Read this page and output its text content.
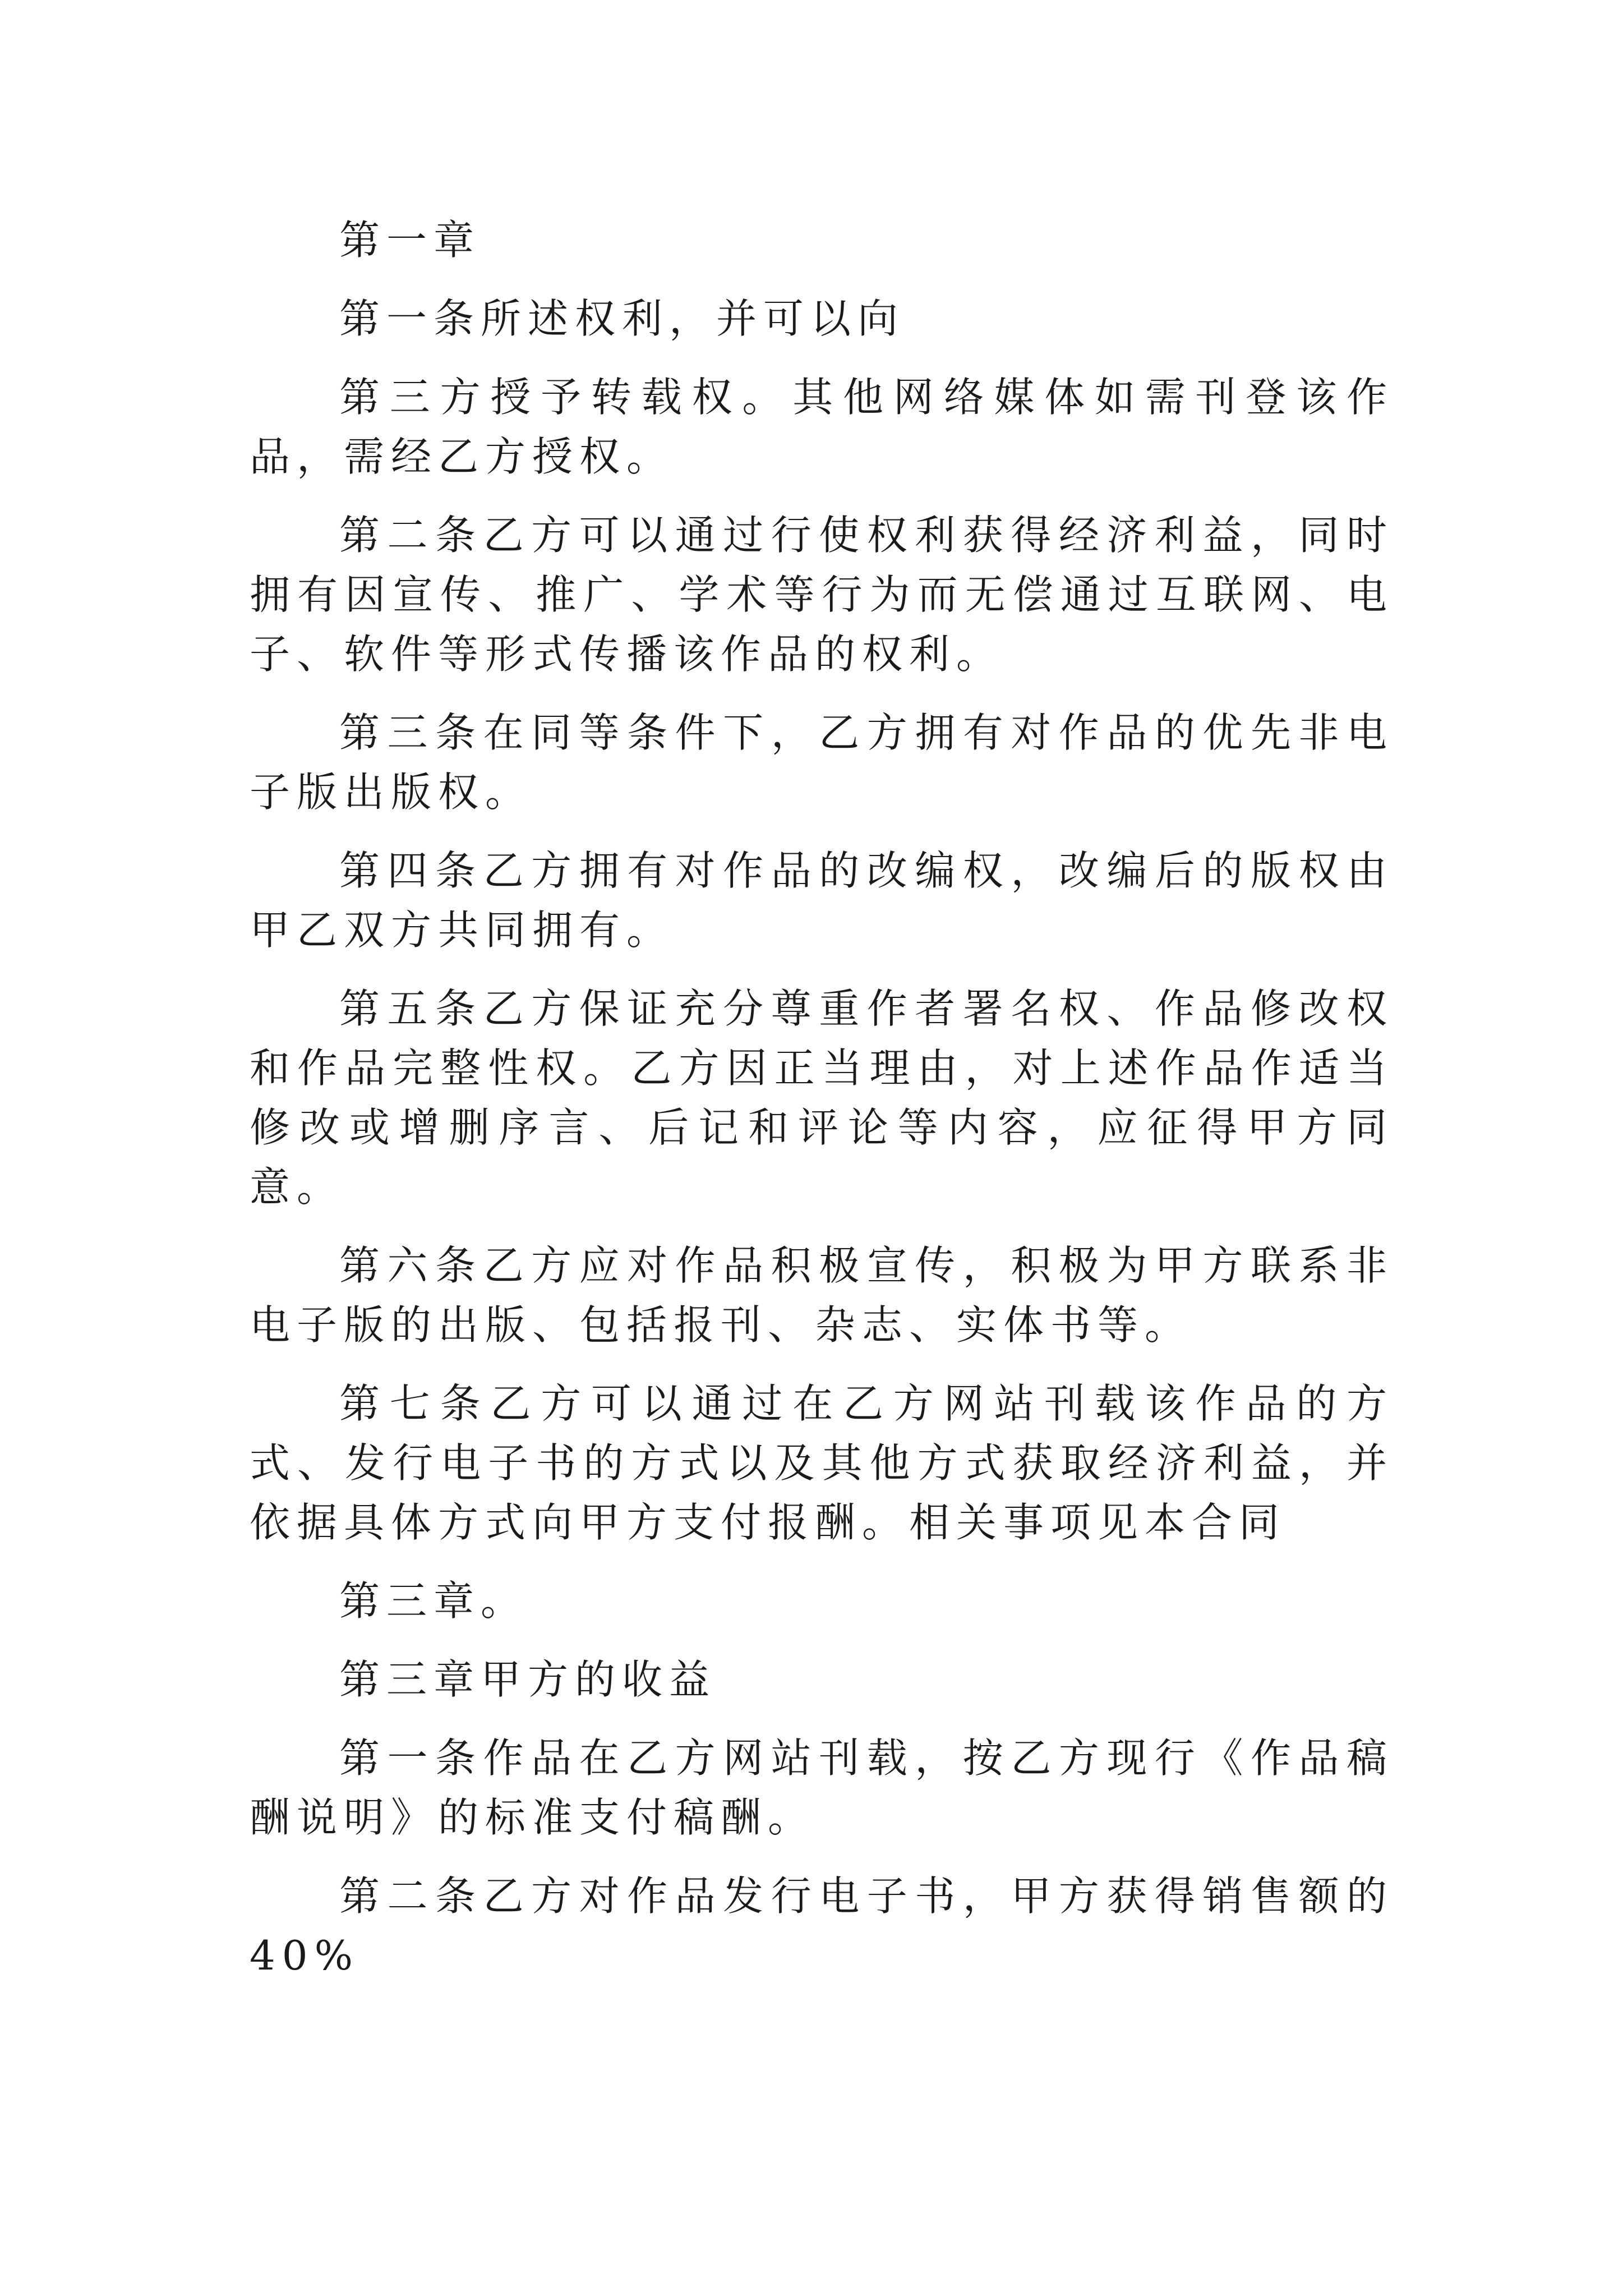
第一章

第一条所述权利，并可以向

第三方授予转载权。其他网络媒体如需刊登该作品，需经乙方授权。

第二条乙方可以通过行使权利获得经济利益，同时拥有因宣传、推广、学术等行为而无偿通过互联网、电子、软件等形式传播该作品的权利。

第三条在同等条件下，乙方拥有对作品的优先非电子版出版权。

第四条乙方拥有对作品的改编权，改编后的版权由甲乙双方共同拥有。

第五条乙方保证充分尊重作者署名权、作品修改权和作品完整性权。乙方因正当理由，对上述作品作适当修改或增删序言、后记和评论等内容，应征得甲方同意。

第六条乙方应对作品积极宣传，积极为甲方联系非电子版的出版、包括报刊、杂志、实体书等。

第七条乙方可以通过在乙方网站刊载该作品的方式、发行电子书的方式以及其他方式获取经济利益，并依据具体方式向甲方支付报酬。相关事项见本合同

第三章。

第三章甲方的收益

第一条作品在乙方网站刊载，按乙方现行《作品稿酬说明》的标准支付稿酬。

第二条乙方对作品发行电子书，甲方获得销售额的40%
